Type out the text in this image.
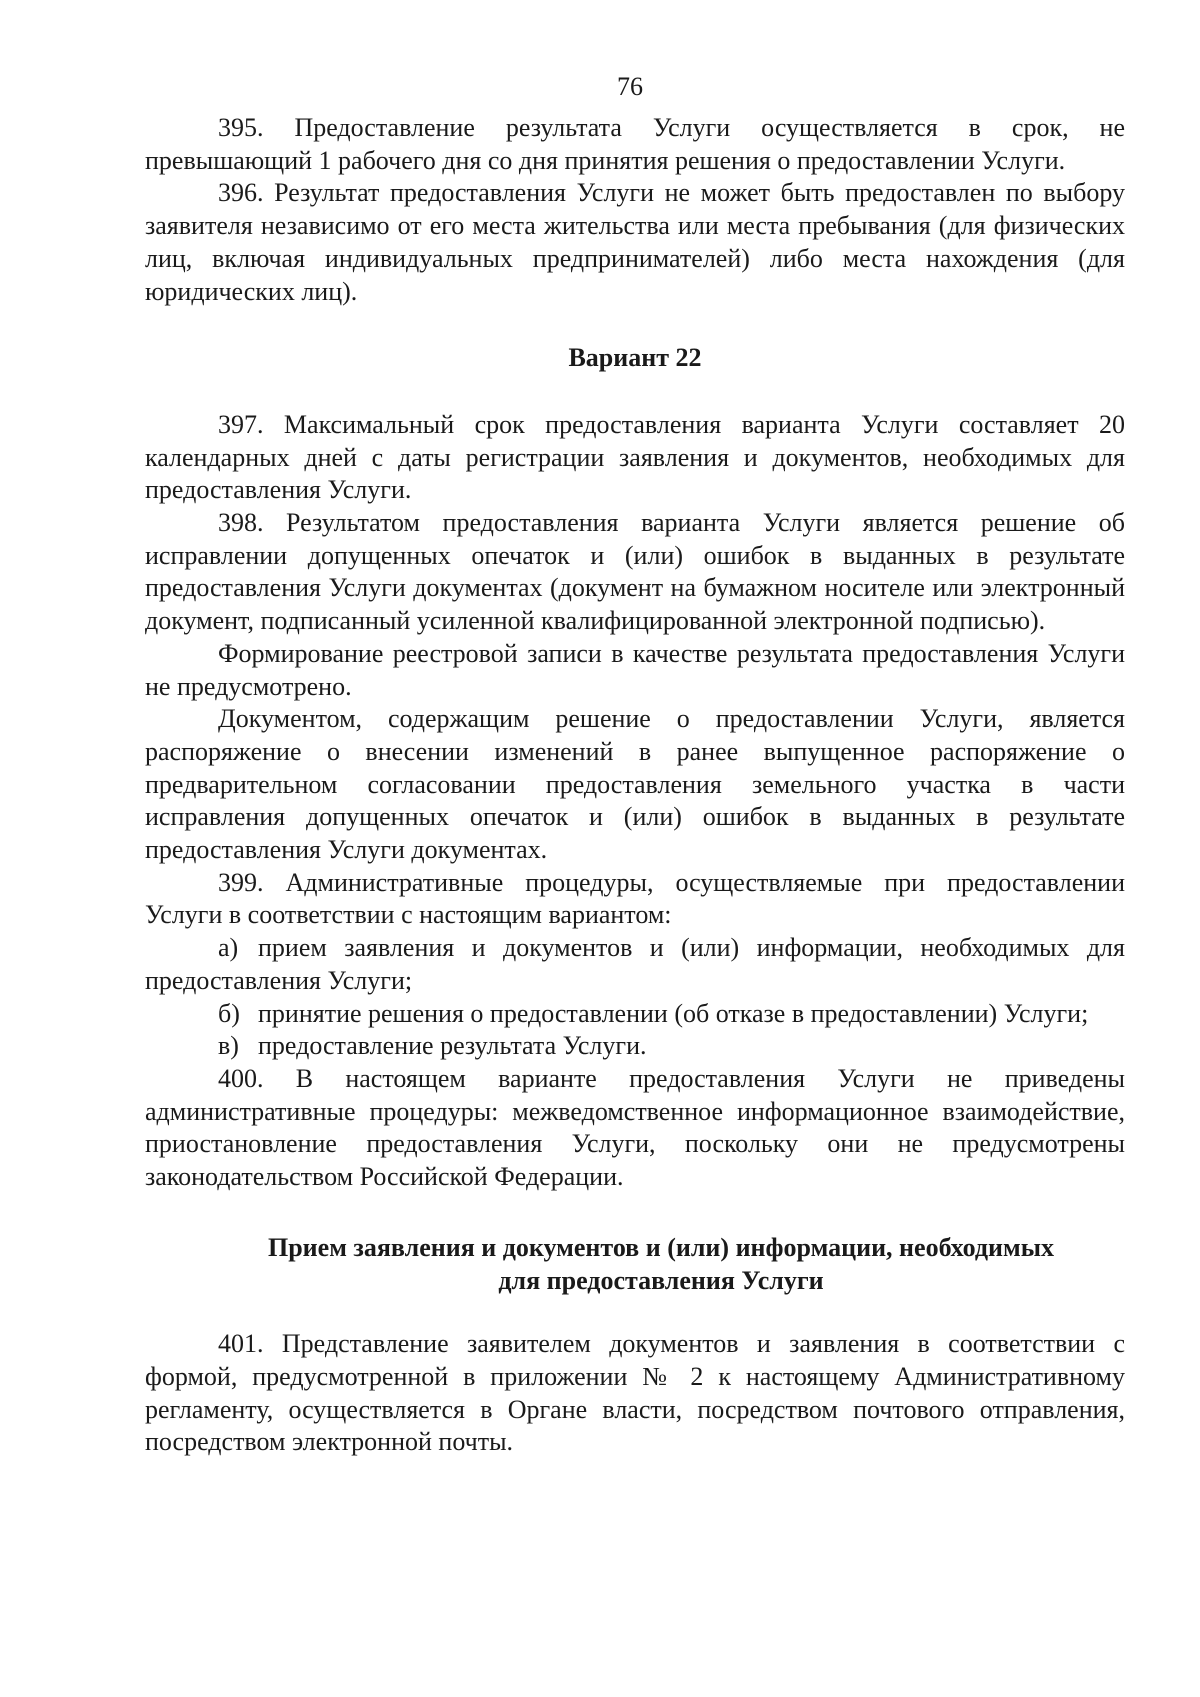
76

395. Предоставление результата Услуги осуществляется в срок, не превышающий 1 рабочего дня со дня принятия решения о предоставлении Услуги.

396. Результат предоставления Услуги не может быть предоставлен по выбору заявителя независимо от его места жительства или места пребывания (для физических лиц, включая индивидуальных предпринимателей) либо места нахождения (для юридических лиц).

Вариант 22

397. Максимальный срок предоставления варианта Услуги составляет 20 календарных дней с даты регистрации заявления и документов, необходимых для предоставления Услуги.

398. Результатом предоставления варианта Услуги является решение об исправлении допущенных опечаток и (или) ошибок в выданных в результате предоставления Услуги документах (документ на бумажном носителе или электронный документ, подписанный усиленной квалифицированной электронной подписью).

Формирование реестровой записи в качестве результата предоставления Услуги не предусмотрено.

Документом, содержащим решение о предоставлении Услуги, является распоряжение о внесении изменений в ранее выпущенное распоряжение о предварительном согласовании предоставления земельного участка в части исправления допущенных опечаток и (или) ошибок в выданных в результате предоставления Услуги документах.

399. Административные процедуры, осуществляемые при предоставлении Услуги в соответствии с настоящим вариантом:

а) прием заявления и документов и (или) информации, необходимых для предоставления Услуги;

б) принятие решения о предоставлении (об отказе в предоставлении) Услуги;

в) предоставление результата Услуги.

400. В настоящем варианте предоставления Услуги не приведены административные процедуры: межведомственное информационное взаимодействие, приостановление предоставления Услуги, поскольку они не предусмотрены законодательством Российской Федерации.

Прием заявления и документов и (или) информации, необходимых
для предоставления Услуги

401. Представление заявителем документов и заявления в соответствии с формой, предусмотренной в приложении № 2 к настоящему Административному регламенту, осуществляется в Органе власти, посредством почтового отправления, посредством электронной почты.
